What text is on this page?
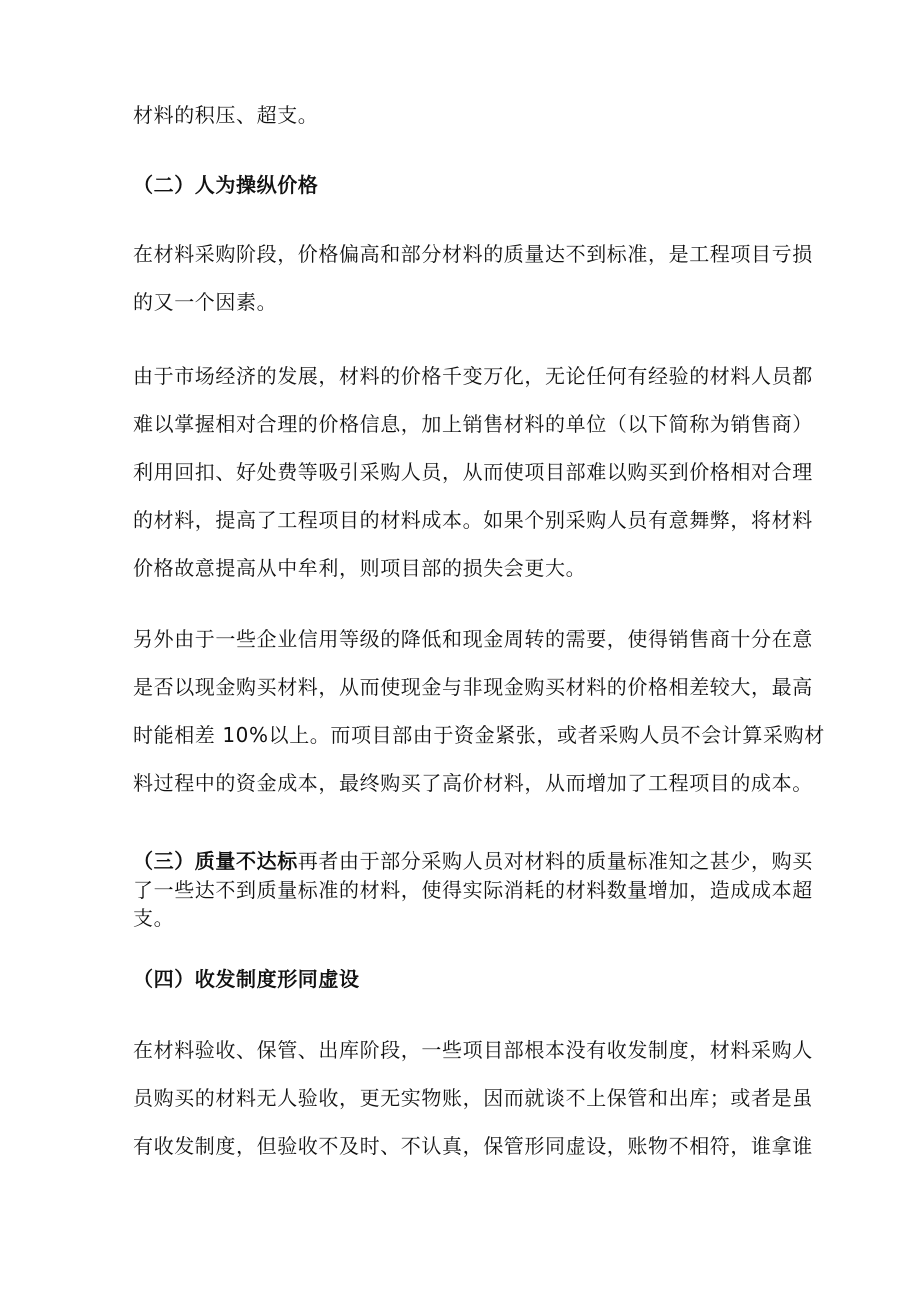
材料的积压、超支。
（二）人为操纵价格
在材料采购阶段，价格偏高和部分材料的质量达不到标准，是工程项目亏损
的又一个因素。
由于市场经济的发展，材料的价格千变万化，无论任何有经验的材料人员都
难以掌握相对合理的价格信息，加上销售材料的单位（以下简称为销售商）
利用回扣、好处费等吸引采购人员，从而使项目部难以购买到价格相对合理
的材料，提高了工程项目的材料成本。如果个别采购人员有意舞弊，将材料
价格故意提高从中牟利，则项目部的损失会更大。
另外由于一些企业信用等级的降低和现金周转的需要，使得销售商十分在意
是否以现金购买材料，从而使现金与非现金购买材料的价格相差较大，最高
时能相差 10%以上。而项目部由于资金紧张，或者采购人员不会计算采购材
料过程中的资金成本，最终购买了高价材料，从而增加了工程项目的成本。
（三）质量不达标再者由于部分采购人员对材料的质量标准知之甚少，购买
了一些达不到质量标准的材料，使得实际消耗的材料数量增加，造成成本超
支。
（四）收发制度形同虚设
在材料验收、保管、出库阶段，一些项目部根本没有收发制度，材料采购人
员购买的材料无人验收，更无实物账，因而就谈不上保管和出库；或者是虽
有收发制度，但验收不及时、不认真，保管形同虚设，账物不相符，谁拿谁
